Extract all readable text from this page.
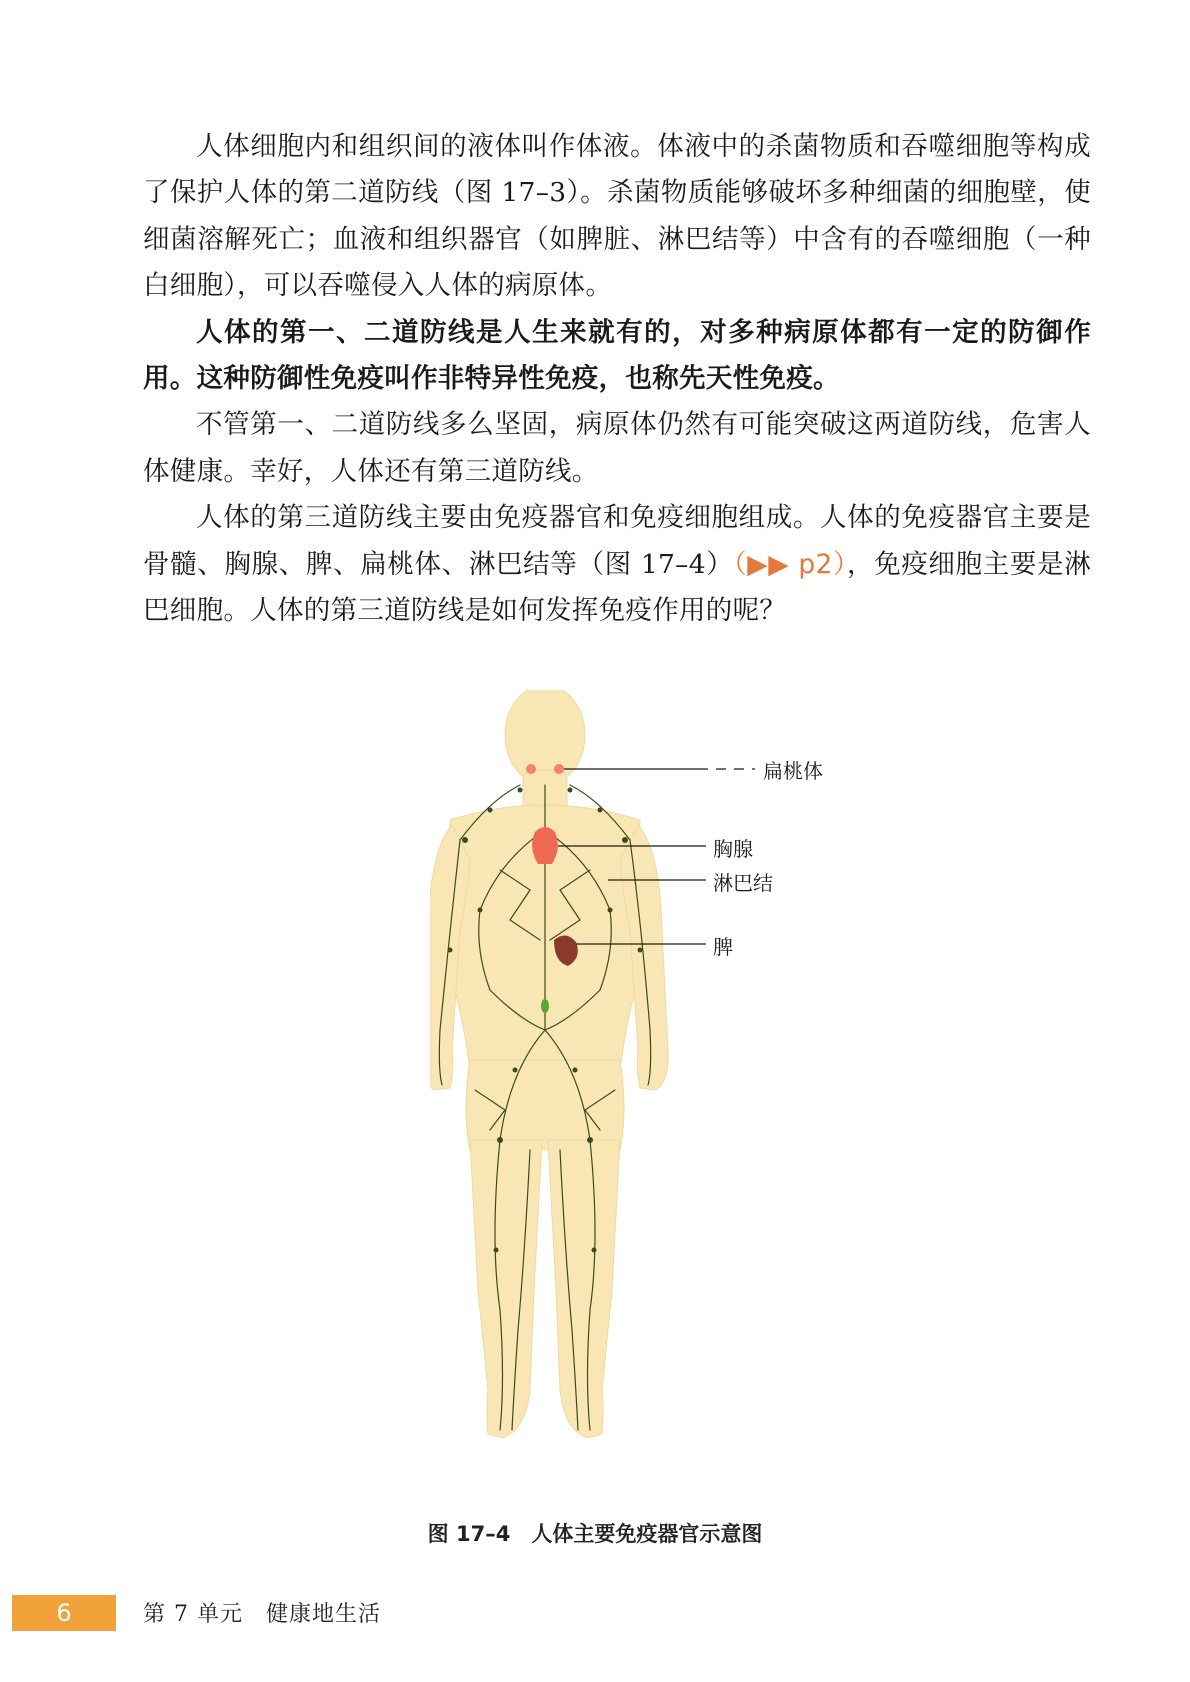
人体细胞内和组织间的液体叫作体液。体液中的杀菌物质和吞噬细胞等构成了保护人体的第二道防线（图 17–3）。杀菌物质能够破坏多种细菌的细胞壁，使细菌溶解死亡；血液和组织器官（如脾脏、淋巴结等）中含有的吞噬细胞（一种白细胞），可以吞噬侵入人体的病原体。

人体的第一、二道防线是人生来就有的，对多种病原体都有一定的防御作用。这种防御性免疫叫作非特异性免疫，也称先天性免疫。

不管第一、二道防线多么坚固，病原体仍然有可能突破这两道防线，危害人体健康。幸好，人体还有第三道防线。

人体的第三道防线主要由免疫器官和免疫细胞组成。人体的免疫器官主要是骨髓、胸腺、脾、扁桃体、淋巴结等（图 17–4）（▶▶ p2），免疫细胞主要是淋巴细胞。人体的第三道防线是如何发挥免疫作用的呢？

扁桃体
胸腺
淋巴结
脾
图 17–4　人体主要免疫器官示意图
6	第 7 单元　健康地生活
